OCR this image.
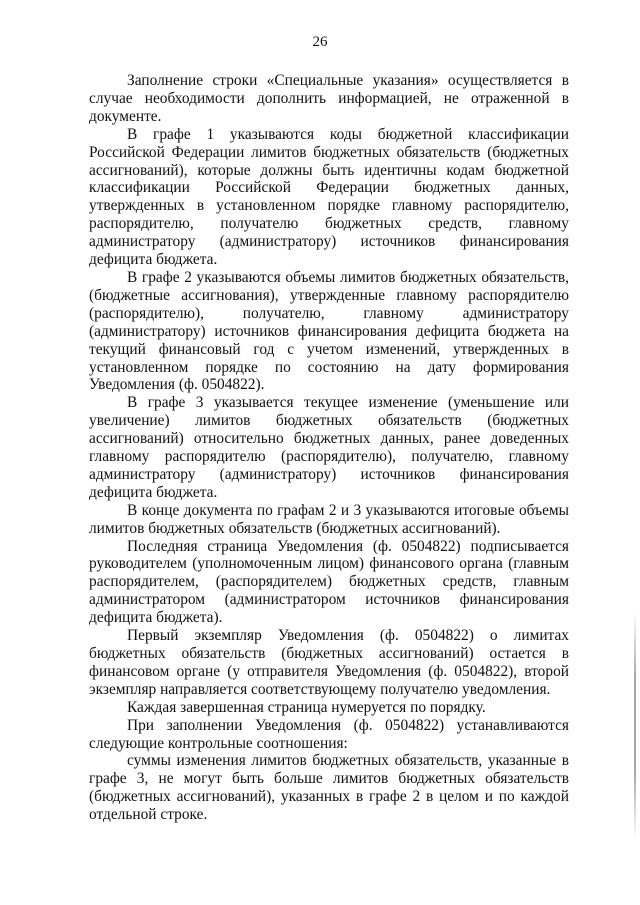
26

Заполнение строки «Специальные указания» осуществляется в случае необходимости дополнить информацией, не отраженной в документе.

В графе 1 указываются коды бюджетной классификации Российской Федерации лимитов бюджетных обязательств (бюджетных ассигнований), которые должны быть идентичны кодам бюджетной классификации Российской Федерации бюджетных данных, утвержденных в установленном порядке главному распорядителю, распорядителю, получателю бюджетных средств, главному администратору (администратору) источников финансирования дефицита бюджета.

В графе 2 указываются объемы лимитов бюджетных обязательств, (бюджетные ассигнования), утвержденные главному распорядителю (распорядителю), получателю, главному администратору (администратору) источников финансирования дефицита бюджета на текущий финансовый год с учетом изменений, утвержденных в установленном порядке по состоянию на дату формирования Уведомления (ф. 0504822).

В графе 3 указывается текущее изменение (уменьшение или увеличение) лимитов бюджетных обязательств (бюджетных ассигнований) относительно бюджетных данных, ранее доведенных главному распорядителю (распорядителю), получателю, главному администратору (администратору) источников финансирования дефицита бюджета.

В конце документа по графам 2 и 3 указываются итоговые объемы лимитов бюджетных обязательств (бюджетных ассигнований).

Последняя страница Уведомления (ф. 0504822) подписывается руководителем (уполномоченным лицом) финансового органа (главным распорядителем, (распорядителем) бюджетных средств, главным администратором (администратором источников финансирования дефицита бюджета).

Первый экземпляр Уведомления (ф. 0504822) о лимитах бюджетных обязательств (бюджетных ассигнований) остается в финансовом органе (у отправителя Уведомления (ф. 0504822), второй экземпляр направляется соответствующему получателю уведомления.

Каждая завершенная страница нумеруется по порядку.

При заполнении Уведомления (ф. 0504822) устанавливаются следующие контрольные соотношения:

суммы изменения лимитов бюджетных обязательств, указанные в графе 3, не могут быть больше лимитов бюджетных обязательств (бюджетных ассигнований), указанных в графе 2 в целом и по каждой отдельной строке.
